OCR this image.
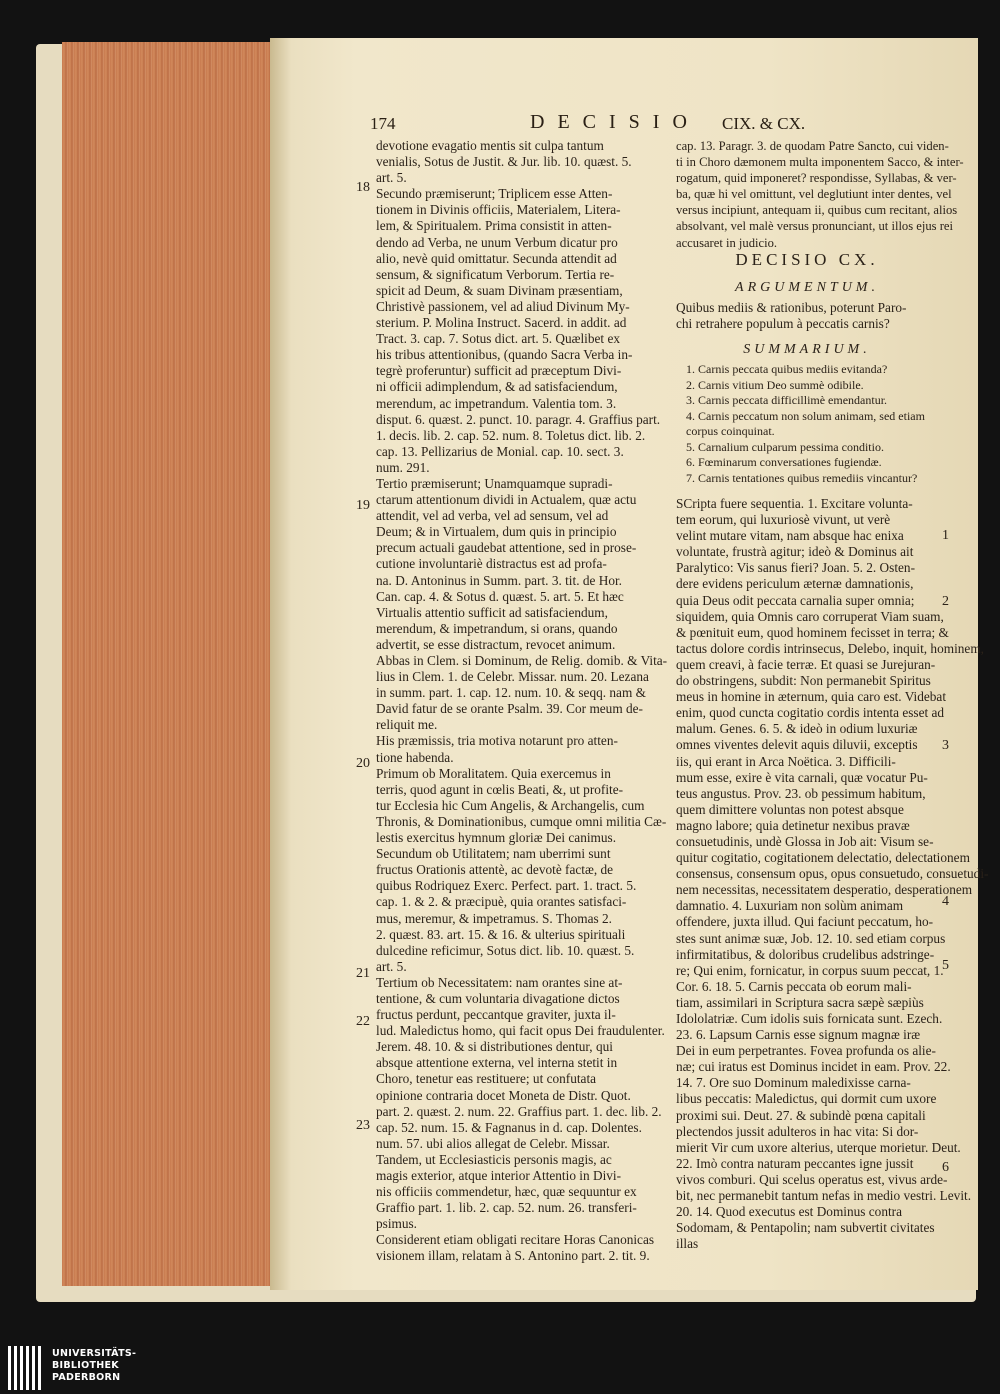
174	DECISIO CIX. & CX.
devotione evagatio mentis sit culpa tantum
venialis, Sotus de Justit. & Jur. lib. 10. quæst. 5.
art. 5.
Secundo præmiserunt; Triplicem esse Atten-
tionem in Divinis officiis, Materialem, Litera-
lem, & Spiritualem. Prima consistit in atten-
dendo ad Verba, ne unum Verbum dicatur pro
alio, nevè quid omittatur. Secunda attendit ad
sensum, & significatum Verborum. Tertia re-
spicit ad Deum, & suam Divinam præsentiam,
Christivè passionem, vel ad aliud Divinum My-
sterium. P. Molina Instruct. Sacerd. in addit. ad
Tract. 3. cap. 7. Sotus dict. art. 5. Quælibet ex
his tribus attentionibus, (quando Sacra Verba in-
tegrè proferuntur) sufficit ad præceptum Divi-
ni officii adimplendum, & ad satisfaciendum,
merendum, ac impetrandum. Valentia tom. 3.
disput. 6. quæst. 2. punct. 10. paragr. 4. Graffius part.
1. decis. lib. 2. cap. 52. num. 8. Toletus dict. lib. 2.
cap. 13. Pellizarius de Monial. cap. 10. sect. 3.
num. 291.
Tertio præmiserunt; Unamquamque supradi-
ctarum attentionum dividi in Actualem, quæ actu
attendit, vel ad verba, vel ad sensum, vel ad
Deum; & in Virtualem, dum quis in principio
precum actuali gaudebat attentione, sed in prose-
cutione involuntariè distractus est ad profa-
na. D. Antoninus in Summ. part. 3. tit. de Hor.
Can. cap. 4. & Sotus d. quæst. 5. art. 5. Et hæc
Virtualis attentio sufficit ad satisfaciendum,
merendum, & impetrandum, si orans, quando
advertit, se esse distractum, revocet animum.
Abbas in Clem. si Dominum, de Relig. domib. & Vita-
lius in Clem. 1. de Celebr. Missar. num. 20. Lezana
in summ. part. 1. cap. 12. num. 10. & seqq. nam &
David fatur de se orante Psalm. 39. Cor meum de-
reliquit me.
His præmissis, tria motiva notarunt pro atten-
tione habenda.
Primum ob Moralitatem. Quia exercemus in
terris, quod agunt in cœlis Beati, &, ut profite-
tur Ecclesia hic Cum Angelis, & Archangelis, cum
Thronis, & Dominationibus, cumque omni militia Cæ-
lestis exercitus hymnum gloriæ Dei canimus.
Secundum ob Utilitatem; nam uberrimi sunt
fructus Orationis attentè, ac devotè factæ, de
quibus Rodriquez Exerc. Perfect. part. 1. tract. 5.
cap. 1. & 2. & præcipuè, quia orantes satisfaci-
mus, meremur, & impetramus. S. Thomas 2.
2. quæst. 83. art. 15. & 16. & ulterius spirituali
dulcedine reficimur, Sotus dict. lib. 10. quæst. 5.
art. 5.
Tertium ob Necessitatem: nam orantes sine at-
tentione, & cum voluntaria divagatione dictos
fructus perdunt, peccantque graviter, juxta il-
lud. Maledictus homo, qui facit opus Dei fraudulenter.
Jerem. 48. 10. & si distributiones dentur, qui
absque attentione externa, vel interna stetit in
Choro, tenetur eas restituere; ut confutata
opinione contraria docet Moneta de Distr. Quot.
part. 2. quæst. 2. num. 22. Graffius part. 1. dec. lib. 2.
cap. 52. num. 15. & Fagnanus in d. cap. Dolentes.
num. 57. ubi alios allegat de Celebr. Missar.
Tandem, ut Ecclesiasticis personis magis, ac
magis exterior, atque interior Attentio in Divi-
nis officiis commendetur, hæc, quæ sequuntur ex
Graffio part. 1. lib. 2. cap. 52. num. 26. transferi-
psimus.
Considerent etiam obligati recitare Horas Canonicas
visionem illam, relatam à S. Antonino part. 2. tit. 9.
18
19
20
21
22
23
cap. 13. Paragr. 3. de quodam Patre Sancto, cui viden-
ti in Choro dæmonem multa imponentem Sacco, & inter-
rogatum, quid imponeret? respondisse, Syllabas, & ver-
ba, quæ hi vel omittunt, vel deglutiunt inter dentes, vel
versus incipiunt, antequam ii, quibus cum recitant, alios
absolvant, vel malè versus pronunciant, ut illos ejus rei
accusaret in judicio.
DECISIO CX.
ARGUMENTUM.
Quibus mediis & rationibus, poterunt Paro-
chi retrahere populum à peccatis carnis?
SUMMARIUM.
1. Carnis peccata quibus mediis evitanda?
2. Carnis vitium Deo summè odibile.
3. Carnis peccata difficillimè emendantur.
4. Carnis peccatum non solum animam, sed etiam
corpus coinquinat.
5. Carnalium culparum pessima conditio.
6. Fœminarum conversationes fugiendæ.
7. Carnis tentationes quibus remediis vincantur?
SCripta fuere sequentia. 1. Excitare volunta-
tem eorum, qui luxuriosè vivunt, ut verè
velint mutare vitam, nam absque hac enixa
voluntate, frustrà agitur; ideò & Dominus ait
Paralytico: Vis sanus fieri? Joan. 5. 2. Osten-
dere evidens periculum æternæ damnationis,
quia Deus odit peccata carnalia super omnia;
siquidem, quia Omnis caro corruperat Viam suam,
& pœnituit eum, quod hominem fecisset in terra; &
tactus dolore cordis intrinsecus, Delebo, inquit, hominem,
quem creavi, à facie terræ. Et quasi se Jurejuran-
do obstringens, subdit: Non permanebit Spiritus
meus in homine in æternum, quia caro est. Videbat
enim, quod cuncta cogitatio cordis intenta esset ad
malum. Genes. 6. 5. & ideò in odium luxuriæ
omnes viventes delevit aquis diluvii, exceptis
iis, qui erant in Arca Noëtica. 3. Difficili-
mum esse, exire è vita carnali, quæ vocatur Pu-
teus angustus. Prov. 23. ob pessimum habitum,
quem dimittere voluntas non potest absque
magno labore; quia detinetur nexibus pravæ
consuetudinis, undè Glossa in Job ait: Visum se-
quitur cogitatio, cogitationem delectatio, delectationem
consensus, consensum opus, opus consuetudo, consuetudi-
nem necessitas, necessitatem desperatio, desperationem
damnatio. 4. Luxuriam non solùm animam
offendere, juxta illud. Qui faciunt peccatum, ho-
stes sunt animæ suæ, Job. 12. 10. sed etiam corpus
infirmitatibus, & doloribus crudelibus adstringe-
re; Qui enim, fornicatur, in corpus suum peccat, 1.
Cor. 6. 18. 5. Carnis peccata ob eorum mali-
tiam, assimilari in Scriptura sacra sæpè sæpiùs
Idololatriæ. Cum idolis suis fornicata sunt. Ezech.
23. 6. Lapsum Carnis esse signum magnæ iræ
Dei in eum perpetrantes. Fovea profunda os alie-
næ; cui iratus est Dominus incidet in eam. Prov. 22.
14. 7. Ore suo Dominum maledixisse carna-
libus peccatis: Maledictus, qui dormit cum uxore
proximi sui. Deut. 27. & subindè pœna capitali
plectendos jussit adulteros in hac vita: Si dor-
mierit Vir cum uxore alterius, uterque morietur. Deut.
22. Imò contra naturam peccantes igne jussit
vivos comburi. Qui scelus operatus est, vivus arde-
bit, nec permanebit tantum nefas in medio vestri. Levit.
20. 14. Quod executus est Dominus contra
Sodomam, & Pentapolin; nam subvertit civitates
illas
1
2
3
4
5
6
UNIVERSITÄTS-
BIBLIOTHEK
PADERBORN
